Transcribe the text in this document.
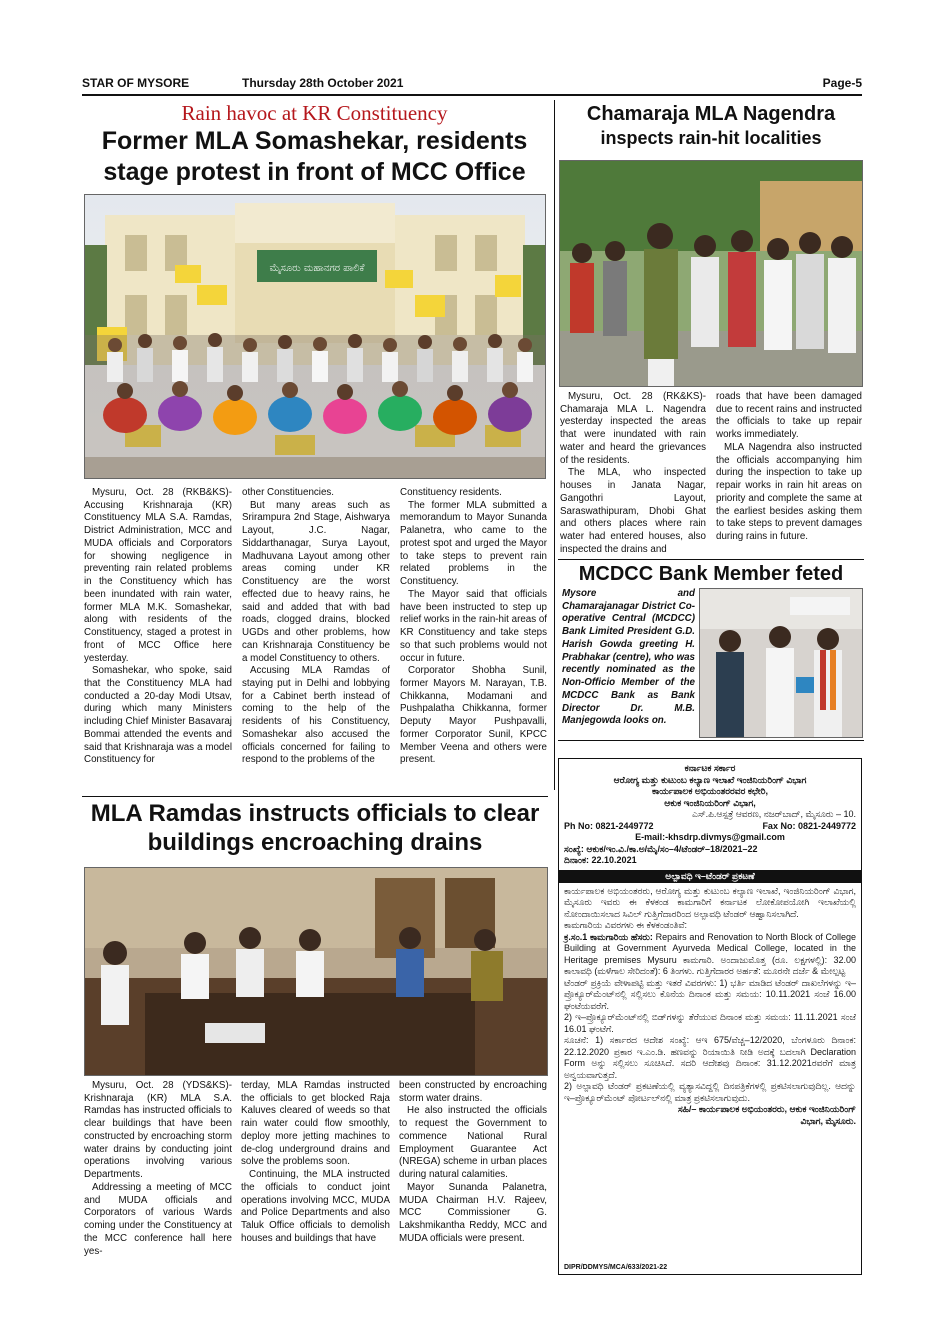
STAR OF MYSORE	Thursday 28th October 2021	Page-5
Rain havoc at KR Constituency
Former MLA Somashekar, residents
stage protest in front of MCC Office
ಮೈಸೂರು ಮಹಾನಗರ ಪಾಲಿಕೆ

Mysuru, Oct. 28 (RKB&KS)- Accusing Krishnaraja (KR) Constituency MLA S.A. Ramdas, District Administration, MCC and MUDA officials and Corporators for showing negligence in preventing rain related problems in the Constituency which has been inundated with rain water, former MLA M.K. Somashekar, along with residents of the Constituency, staged a protest in front of MCC Office here yesterday.

Somashekar, who spoke, said that the Constituency MLA had conducted a 20-day Modi Utsav, during which many Ministers including Chief Minister Basavaraj Bommai attended the events and said that Krishnaraja was a model Constituency for

other Constituencies.

But many areas such as Srirampura 2nd Stage, Aishwarya Layout, J.C. Nagar, Siddarthanagar, Surya Layout, Madhuvana Layout among other areas coming under KR Constituency are the worst effected due to heavy rains, he said and added that with bad roads, clogged drains, blocked UGDs and other problems, how can Krishnaraja Constituency be a model Constituency to others.

Accusing MLA Ramdas of staying put in Delhi and lobbying for a Cabinet berth instead of coming to the help of the residents of his Constituency, Somashekar also accused the officials concerned for failing to respond to the problems of the

Constituency residents.

The former MLA submitted a memorandum to Mayor Sunanda Palanetra, who came to the protest spot and urged the Mayor to take steps to prevent rain related problems in the Constituency.

The Mayor said that officials have been instructed to step up relief works in the rain-hit areas of KR Constituency and take steps so that such problems would not occur in future.

Corporator Shobha Sunil, former Mayors M. Narayan, T.B. Chikkanna, Modamani and Pushpalatha Chikkanna, former Deputy Mayor Pushpavalli, former Corporator Sunil, KPCC Member Veena and others were present.

Chamaraja MLA Nagendra
inspects rain-hit localities

Mysuru, Oct. 28 (RK&KS)- Chamaraja MLA L. Nagendra yesterday inspected the areas that were inundated with rain water and heard the grievances of the residents.

The MLA, who inspected houses in Janata Nagar, Gangothri Layout, Saraswathipuram, Dhobi Ghat and others places where rain water had entered houses, also inspected the drains and

roads that have been damaged due to recent rains and instructed the officials to take up repair works immediately.

MLA Nagendra also instructed the officials accompanying him during the inspection to take up repair works in rain hit areas on priority and complete the same at the earliest besides asking them to take steps to prevent damages during rains in future.

MCDCC Bank Member feted
Mysore and Chamarajanagar District Co-operative Central (MCDCC) Bank Limited President G.D. Harish Gowda greeting H. Prabhakar (centre), who was recently nominated as the Non-Officio Member of the MCDCC Bank as Bank Director Dr. M.B. Manjegowda looks on.
MLA Ramdas instructs officials to clear
buildings encroaching drains

Mysuru, Oct. 28 (YDS&KS)- Krishnaraja (KR) MLA S.A. Ramdas has instructed officials to clear buildings that have been constructed by encroaching storm water drains by conducting joint operations involving various Departments.

Addressing a meeting of MCC and MUDA officials and Corporators of various Wards coming under the Constituency at the MCC conference hall here yes-

terday, MLA Ramdas instructed the officials to get blocked Raja Kaluves cleared of weeds so that rain water could flow smoothly, deploy more jetting machines to de-clog underground drains and solve the problems soon.

Continuing, the MLA instructed the officials to conduct joint operations involving MCC, MUDA and Police Departments and also Taluk Office officials to demolish houses and buildings that have

been constructed by encroaching storm water drains.

He also instructed the officials to request the Government to commence National Rural Employment Guarantee Act (NREGA) scheme in urban places during natural calamities.

Mayor Sunanda Palanetra, MUDA Chairman H.V. Rajeev, MCC Commissioner G. Lakshmikantha Reddy, MCC and MUDA officials were present.

ಕರ್ನಾಟಕ ಸರ್ಕಾರ
ಆರೋಗ್ಯ ಮತ್ತು ಕುಟುಂಬ ಕಲ್ಯಾಣ ಇಲಾಖೆ ಇಂಜಿನಿಯರಿಂಗ್ ವಿಭಾಗ
ಕಾರ್ಯಪಾಲಕ ಅಭಿಯಂತರರವರ ಕಛೇರಿ,
ಆಕುಕ ಇಂಜಿನಿಯರಿಂಗ್ ವಿಭಾಗ,
ಎಸ್.ಪಿ.ಆಸ್ಪತ್ರೆ ಆವರಣ, ನಜರ್‌ಬಾದ್, ಮೈಸೂರು – 10.
Ph No: 0821-2449772	Fax No: 0821-2449772
E-mail:-khsdrp.divmys@gmail.com
ಸಂಖ್ಯೆ: ಆಕುಕ/ಇಂ.ವಿ./ಕಾ.ಅ/ಮೈ/ಸಂ–4/ಟೆಂಡರ್–18/2021–22
ದಿನಾಂಕ: 22.10.2021
ಅಲ್ಪಾವಧಿ ಇ–ಟೆಂಡರ್ ಪ್ರಕಟಣೆ
ಕಾರ್ಯಪಾಲಕ ಅಭಿಯಂತರರು, ಆರೋಗ್ಯ ಮತ್ತು ಕುಟುಂಬ ಕಲ್ಯಾಣ ಇಲಾಖೆ, ಇಂಜಿನಿಯರಿಂಗ್ ವಿಭಾಗ, ಮೈಸೂರು ಇವರು ಈ ಕೆಳಕಂಡ ಕಾಮಗಾರಿಗೆ ಕರ್ನಾಟಕ ಲೋಕೋಪಯೋಗಿ ಇಲಾಖೆಯಲ್ಲಿ ನೋಂದಾಯಿಸಲಾದ ಸಿವಿಲ್ ಗುತ್ತಿಗೆದಾರರಿಂದ ಅಲ್ಪಾವಧಿ ಟೆಂಡರ್ ಆಹ್ವಾನಿಸಲಾಗಿದೆ.
ಕಾಮಗಾರಿಯ ವಿವರಗಳು ಈ ಕೆಳಕಂಡಂತಿವೆ:
ಕ್ರ.ಸಂ.1 ಕಾಮಗಾರಿಯ ಹೆಸರು: Repairs and Renovation to North Block of College Building at Government Ayurveda Medical College, located in the Heritage premises Mysuru ಕಾಮಗಾರಿ. ಅಂದಾಜುಮೊತ್ತ (ರೂ. ಲಕ್ಷಗಳಲ್ಲಿ): 32.00 ಕಾಲಾವಧಿ (ಮಳೆಗಾಲ ಸೇರಿದಂತೆ): 6 ತಿಂಗಳು. ಗುತ್ತಿಗೆದಾರರ ಅರ್ಹತೆ: ಮೂರನೇ ದರ್ಜೆ & ಮೇಲ್ಪಟ್ಟ
ಟೆಂಡರ್ ಪ್ರಕ್ರಿಯೆ ವೇಳಾಪಟ್ಟಿ ಮತ್ತು ಇತರೆ ವಿವರಗಳು: 1) ಭರ್ತಿ ಮಾಡಿದ ಟೆಂಡರ್ ದಾಖಲೆಗಳನ್ನು ಇ–ಪ್ರೊಕ್ಯೂರ್‌ಮೆಂಟ್‌ನಲ್ಲಿ ಸಲ್ಲಿಸಲು ಕೊನೆಯ ದಿನಾಂಕ ಮತ್ತು ಸಮಯ: 10.11.2021 ಸಂಜೆ 16.00 ಘಂಟೆಯವರೆಗೆ.
2) ಇ–ಪ್ರೊಕ್ಯೂರ್‌ಮೆಂಟ್‌ನಲ್ಲಿ ಬಿಡ್‌ಗಳನ್ನು ತೆರೆಯುವ ದಿನಾಂಕ ಮತ್ತು ಸಮಯ: 11.11.2021 ಸಂಜೆ 16.01 ಘಂಟೆಗೆ.
ಸೂಚನೆ: 1) ಸರ್ಕಾರದ ಆದೇಶ ಸಂಖ್ಯೆ: ಆಇ 675/ವೆಚ್ಚ–12/2020, ಬೆಂಗಳೂರು ದಿನಾಂಕ: 22.12.2020 ಪ್ರಕಾರ ಇ.ಎಂ.ಡಿ. ಹಣವನ್ನು ರಿಯಾಯಿತಿ ನೀಡಿ ಅದಕ್ಕೆ ಬದಲಾಗಿ Declaration Form ಅನ್ನು ಸಲ್ಲಿಸಲು ಸೂಚಿಸಿದೆ. ಸದರಿ ಆದೇಶವು ದಿನಾಂಕ: 31.12.2021ರವರೆಗೆ ಮಾತ್ರ ಅನ್ವಯವಾಗುತ್ತದೆ.
2) ಅಲ್ಪಾವಧಿ ಟೆಂಡರ್ ಪ್ರಕಟಣೆಯಲ್ಲಿ ವ್ಯತ್ಯಾಸವಿದ್ದಲ್ಲಿ ದಿನಪತ್ರಿಕೆಗಳಲ್ಲಿ ಪ್ರಕಟಿಸಲಾಗುವುದಿಲ್ಲ. ಆದನ್ನು ಇ–ಪ್ರೊಕ್ಯೂರ್‌ಮೆಂಟ್ ಪೋರ್ಟಲ್‌ನಲ್ಲಿ ಮಾತ್ರ ಪ್ರಕಟಿಸಲಾಗುವುದು.
ಸಹಿ/– ಕಾರ್ಯಪಾಲಕ ಅಭಿಯಂತರರು, ಆಕುಕ ಇಂಜಿನಿಯರಿಂಗ್
ವಿಭಾಗ, ಮೈಸೂರು.
DIPR/DDMYS/MCA/633/2021-22
